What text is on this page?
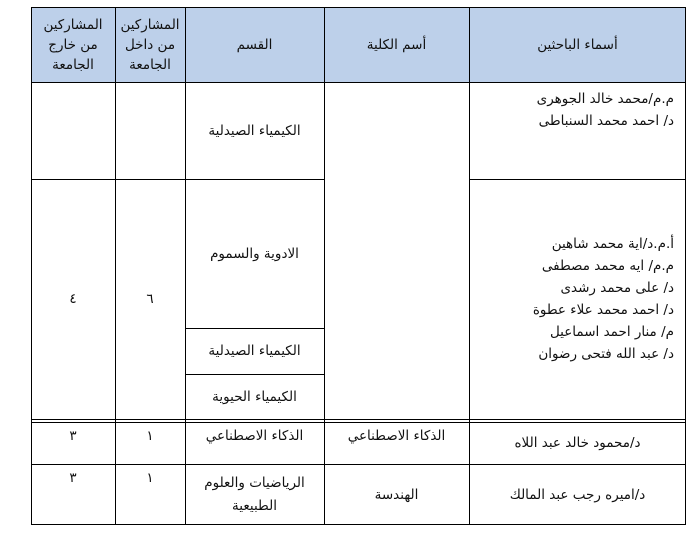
المشاركين
من خارج
الجامعة
المشاركين
من داخل
الجامعة
القسم	أسم الكلية	أسماء الباحثين
م.م/محمد خالد الجوهرى
د/ احمد محمد السنباطى
الكيمياء الصيدلية
أ.م.د/اية محمد شاهين
م.م/ ايه محمد مصطفى
د/ على محمد رشدى
د/ احمد محمد علاء عطوة
م/ منار احمد اسماعيل
د/ عبد الله فتحى رضوان
الادوية والسموم
الكيمياء الصيدلية
الكيمياء الحيوية
٦
٤
د/محمود خالد عبد اللاه
الذكاء الاصطناعي
الذكاء الاصطناعي
١
٣
د/اميره رجب عبد المالك
الهندسة
الرياضيات والعلوم
الطبيعية
١
٣
